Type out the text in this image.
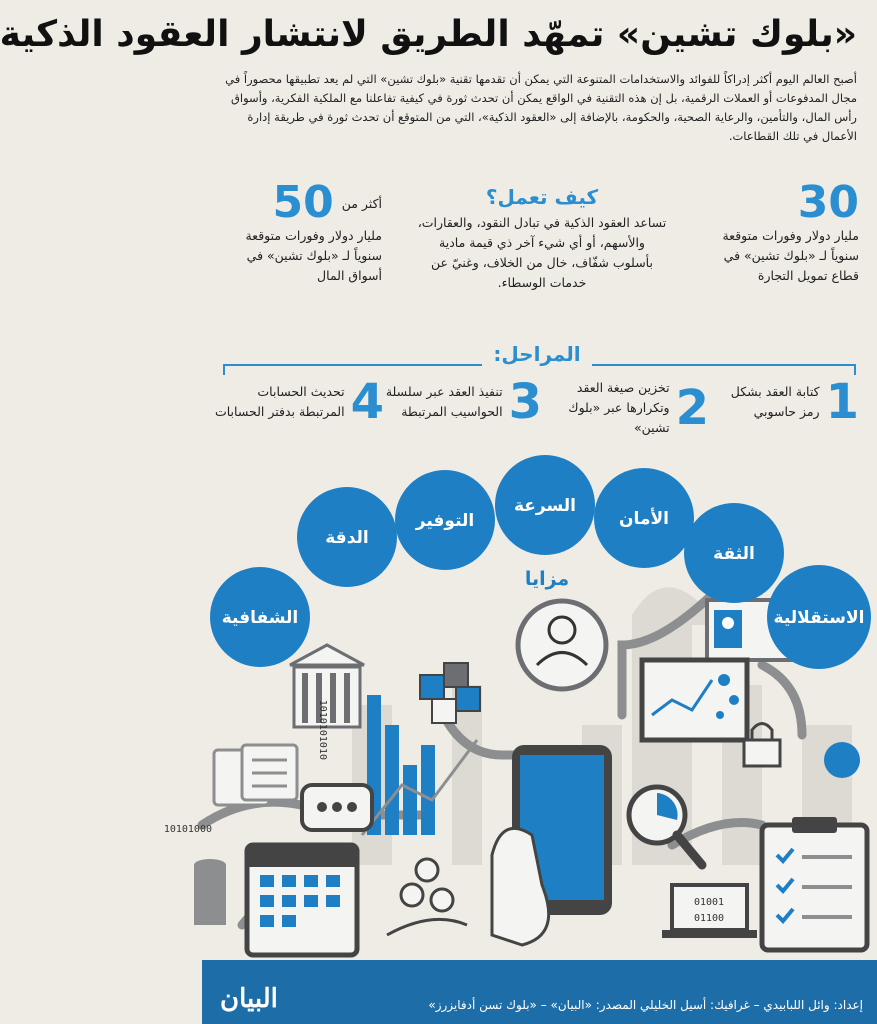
«بلوك تشين» تمهّد الطريق لانتشار العقود الذكية

أصبح العالم اليوم أكثر إدراكاً للفوائد والاستخدامات المتنوعة التي يمكن أن تقدمها تقنية «بلوك تشين» التي لم يعد تطبيقها محصوراً في مجال المدفوعات أو العملات الرقمية، بل إن هذه التقنية في الواقع يمكن أن تحدث ثورة في كيفية تفاعلنا مع الملكية الفكرية، وأسواق رأس المال، والتأمين، والرعاية الصحية، والحكومة، بالإضافة إلى «العقود الذكية»، التي من المتوقع أن تحدث ثورة في طريقة إدارة الأعمال في تلك القطاعات.

30
مليار دولار وفورات متوقعة سنوياً لـ «بلوك تشين» في قطاع تمويل التجارة
أكثر من
50
مليار دولار وفورات متوقعة سنوياً لـ «بلوك تشين» في أسواق المال
كيف تعمل؟
تساعد العقود الذكية في تبادل النقود، والعقارات، والأسهم، أو أي شيء آخر ذي قيمة مادية بأسلوب شفّاف، خال من الخلاف، وغنيّ عن خدمات الوسطاء.
المراحل:
1
كتابة العقد بشكل رمز حاسوبي
2
تخزين صيغة العقد وتكرارها عبر «بلوك تشين»
3
تنفيذ العقد عبر سلسلة الحواسيب المرتبطة
4
تحديث الحسابات المرتبطة بدفتر الحسابات
01001
01100
1010101010
10101000
الشفافية
الدقة
التوفير
السرعة
الأمان
الثقة
الاستقلالية
مزايا
إعداد: وائل اللبابيدي – غرافيك: أسيل الخليلي المصدر: «البيان» – «بلوك تسن أدفايزرز»
البيان
